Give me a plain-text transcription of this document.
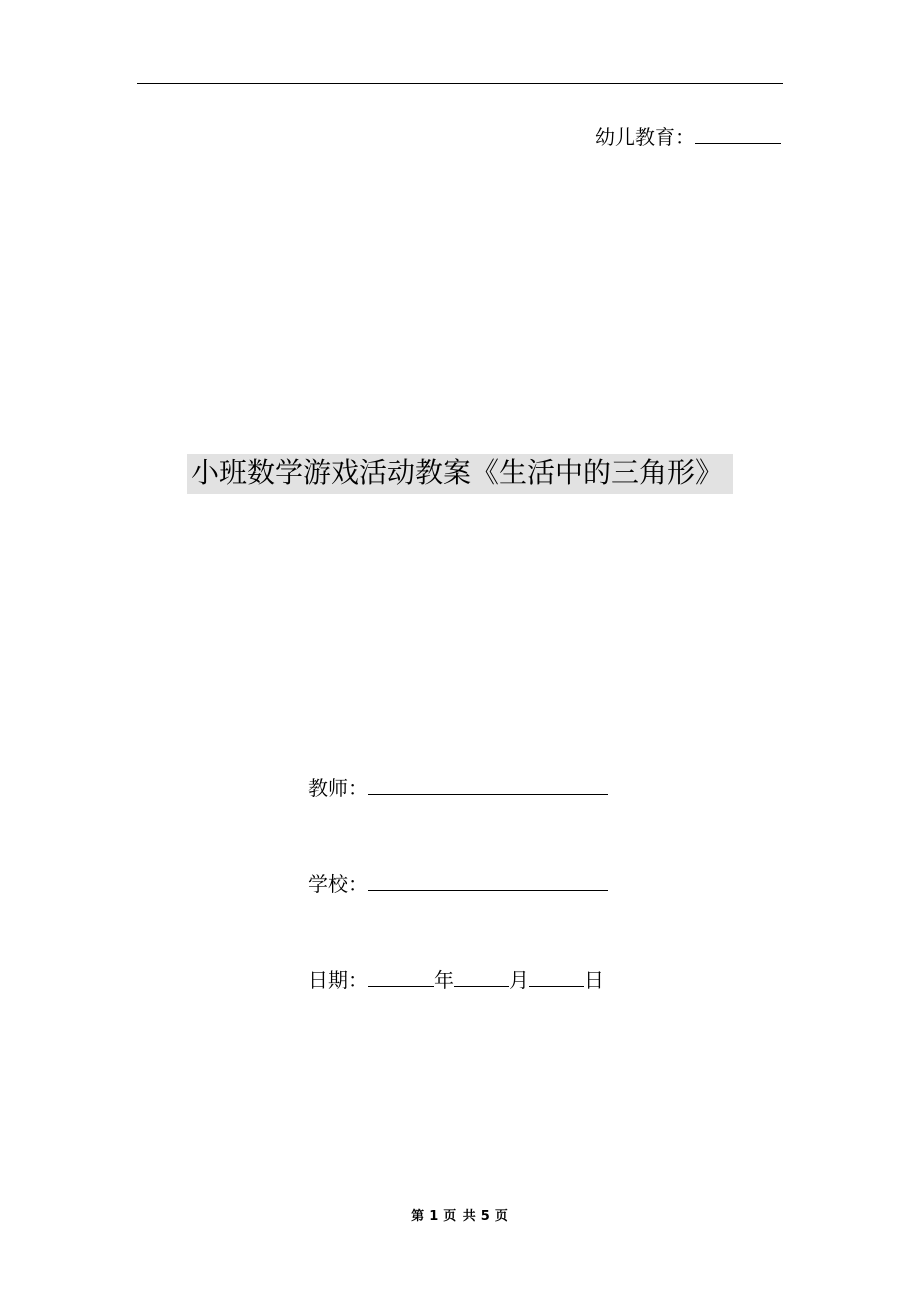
幼儿教育：
小班数学游戏活动教案《生活中的三角形》
教师：
学校：
日期：	年	月	日
第 1 页 共 5 页
